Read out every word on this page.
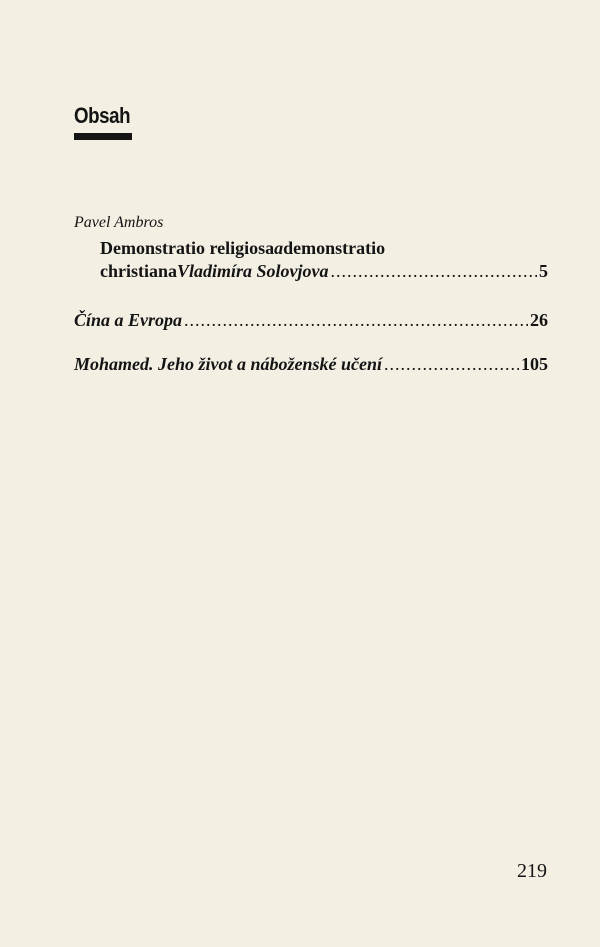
Obsah
Pavel Ambros
Demonstratio religiosa a demonstratio
christiana Vladimíra Solovjova .....	5
Čína a Evropa .....	26
Mohamed. Jeho život a náboženské učení .....	105
219
